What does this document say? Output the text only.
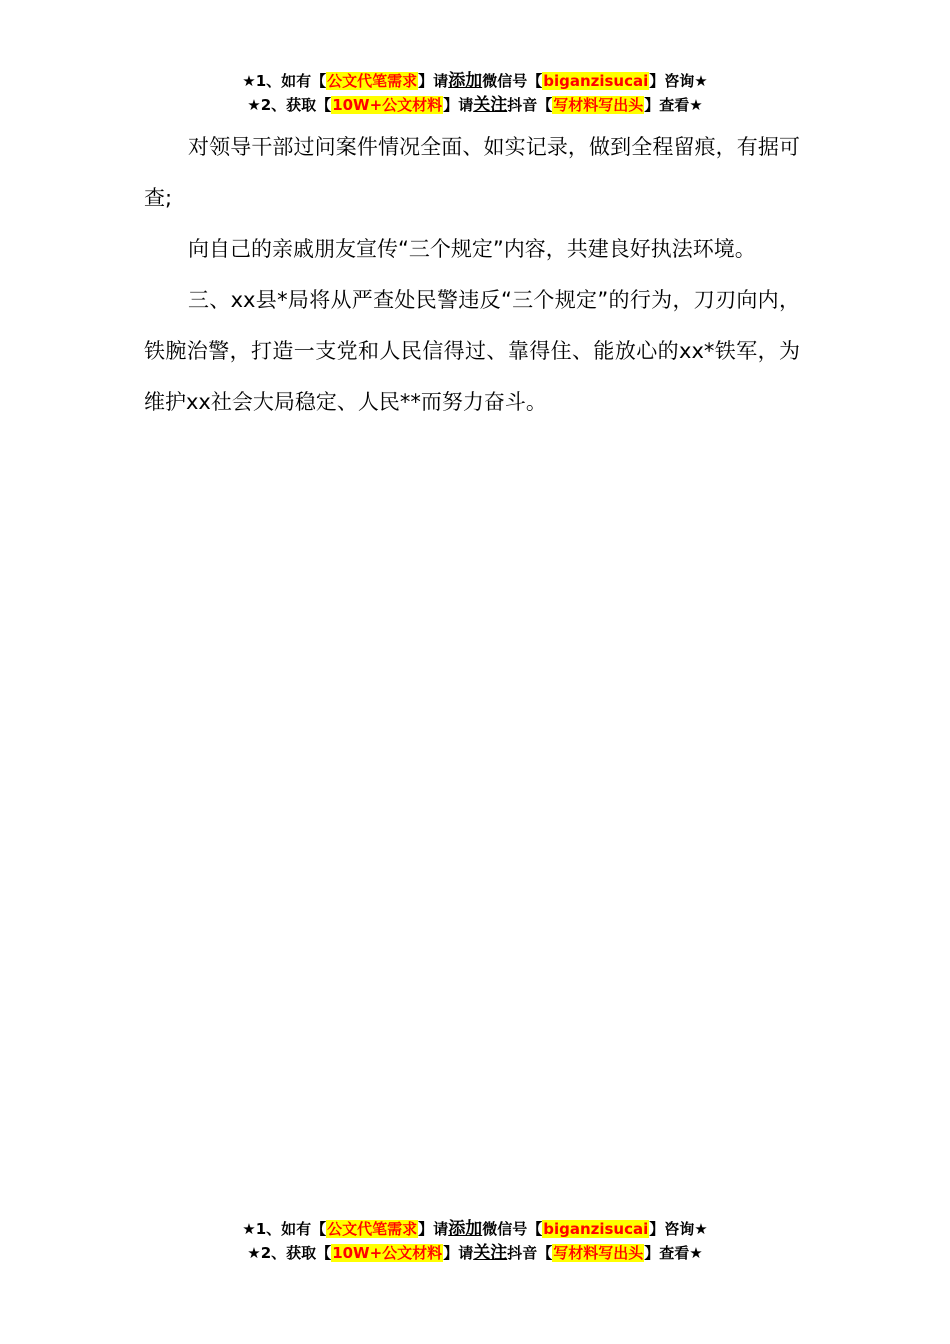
★1、如有【公文代笔需求】请添加微信号【biganzisucai】咨询★
★2、获取【10W+公文材料】请关注抖音【写材料写出头】查看★

对领导干部过问案件情况全面、如实记录，做到全程留痕，有据可查;

向自己的亲戚朋友宣传“三个规定”内容，共建良好执法环境。

三、xx县*局将从严查处民警违反“三个规定”的行为，刀刃向内，铁腕治警，打造一支党和人民信得过、靠得住、能放心的xx*铁军，为维护xx社会大局稳定、人民**而努力奋斗。

★1、如有【公文代笔需求】请添加微信号【biganzisucai】咨询★
★2、获取【10W+公文材料】请关注抖音【写材料写出头】查看★
